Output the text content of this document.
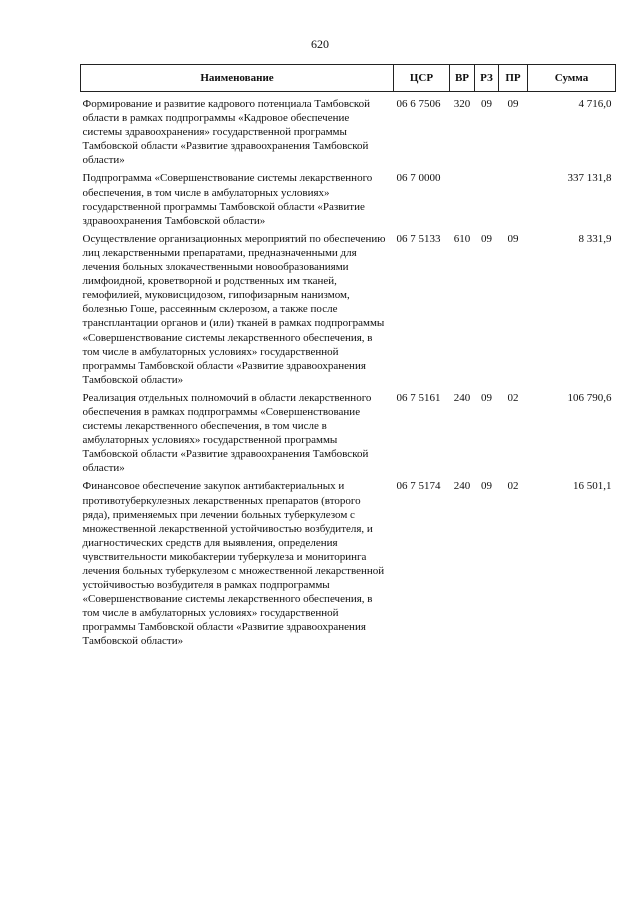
620
Наименование	ЦСР	ВР	РЗ	ПР	Сумма
Формирование и развитие кадрового потенциала Тамбовской области в рамках подпрограммы «Кадровое обеспечение системы здравоохранения» государственной программы Тамбовской области «Развитие здравоохранения Тамбовской области»	06 6 7506	320	09	09	4 716,0
Подпрограмма «Совершенствование системы лекарственного обеспечения, в том числе в амбулаторных условиях» государственной программы Тамбовской области «Развитие здравоохранения Тамбовской области»	06 7 0000				337 131,8
Осуществление организационных мероприятий по обеспечению лиц лекарственными препаратами, предназначенными для лечения больных злокачественными новообразованиями лимфоидной, кроветворной и родственных им тканей, гемофилией, муковисцидозом, гипофизарным нанизмом, болезнью Гоше, рассеянным склерозом, а также после трансплантации органов и (или) тканей в рамках подпрограммы «Совершенствование системы лекарственного обеспечения, в том числе в амбулаторных условиях» государственной программы Тамбовской области «Развитие здравоохранения Тамбовской области»	06 7 5133	610	09	09	8 331,9
Реализация отдельных полномочий в области лекарственного обеспечения в рамках подпрограммы «Совершенствование системы лекарственного обеспечения, в том числе в амбулаторных условиях» государственной программы Тамбовской области «Развитие здравоохранения Тамбовской области»	06 7 5161	240	09	02	106 790,6
Финансовое обеспечение закупок антибактериальных и противотуберкулезных лекарственных препаратов (второго ряда), применяемых при лечении больных туберкулезом с множественной лекарственной устойчивостью возбудителя, и диагностических средств для выявления, определения чувствительности микобактерии туберкулеза и мониторинга лечения больных туберкулезом с множественной лекарственной устойчивостью возбудителя в рамках подпрограммы «Совершенствование системы лекарственного обеспечения, в том числе в амбулаторных условиях» государственной программы Тамбовской области «Развитие здравоохранения Тамбовской области»	06 7 5174	240	09	02	16 501,1
